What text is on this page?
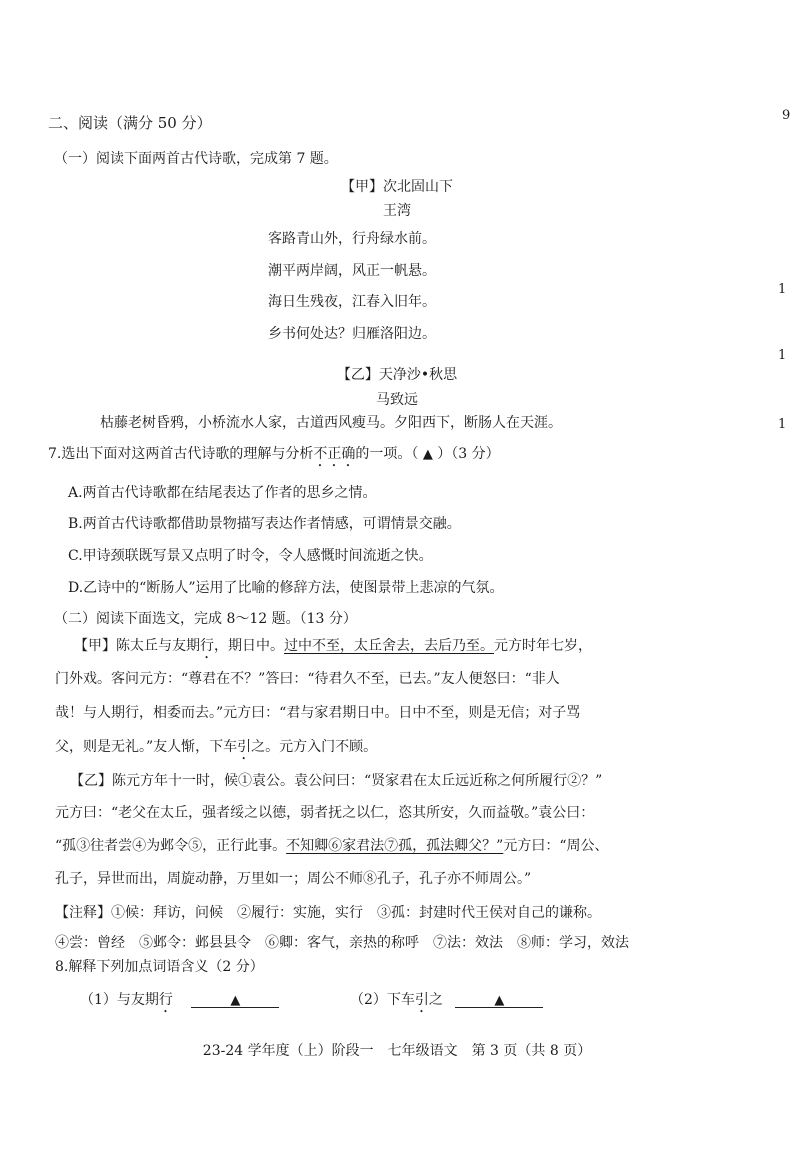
9
1
1
1
二、阅读（满分 50 分）
（一）阅读下面两首古代诗歌，完成第 7 题。
【甲】次北固山下
王湾
客路青山外，行舟绿水前。
潮平两岸阔，风正一帆悬。
海日生残夜，江春入旧年。
乡书何处达？归雁洛阳边。
【乙】天净沙•秋思
马致远
枯藤老树昏鸦，小桥流水人家，古道西风瘦马。夕阳西下，断肠人在天涯。
7.选出下面对这两首古代诗歌的理解与分析不正确的一项。（ ▲ ）（3 分）
A.两首古代诗歌都在结尾表达了作者的思乡之情。
B.两首古代诗歌都借助景物描写表达作者情感，可谓情景交融。
C.甲诗颈联既写景又点明了时令，令人感慨时间流逝之快。
D.乙诗中的“断肠人”运用了比喻的修辞方法，使图景带上悲凉的气氛。
（二）阅读下面选文，完成 8～12 题。（13 分）
【甲】陈太丘与友期行，期日中。过中不至，太丘舍去，去后乃至。元方时年七岁，
门外戏。客问元方：“尊君在不？”答曰：“待君久不至，已去。”友人便怒曰：“非人
哉！与人期行，相委而去。”元方曰：“君与家君期日中。日中不至，则是无信；对子骂
父，则是无礼。”友人惭，下车引之。元方入门不顾。
【乙】陈元方年十一时，候①袁公。袁公问曰：“贤家君在太丘远近称之何所履行②？”
元方曰：“老父在太丘，强者绥之以德，弱者抚之以仁，恣其所安，久而益敬。”袁公曰：
“孤③往者尝④为邺令⑤，正行此事。不知卿⑥家君法⑦孤，孤法卿父？”元方曰：“周公、
孔子，异世而出，周旋动静，万里如一；周公不师⑧孔子，孔子亦不师周公。”
【注释】①候：拜访，问候　②履行：实施，实行　③孤：封建时代王侯对自己的谦称。
④尝：曾经　⑤邺令：邺县县令　⑥卿：客气，亲热的称呼　⑦法：效法　⑧师：学习，效法
8.解释下列加点词语含义（2 分）
（1）与友期行	▲	（2）下车引之	▲
23-24 学年度（上）阶段一　七年级语文　第 3 页（共 8 页）
